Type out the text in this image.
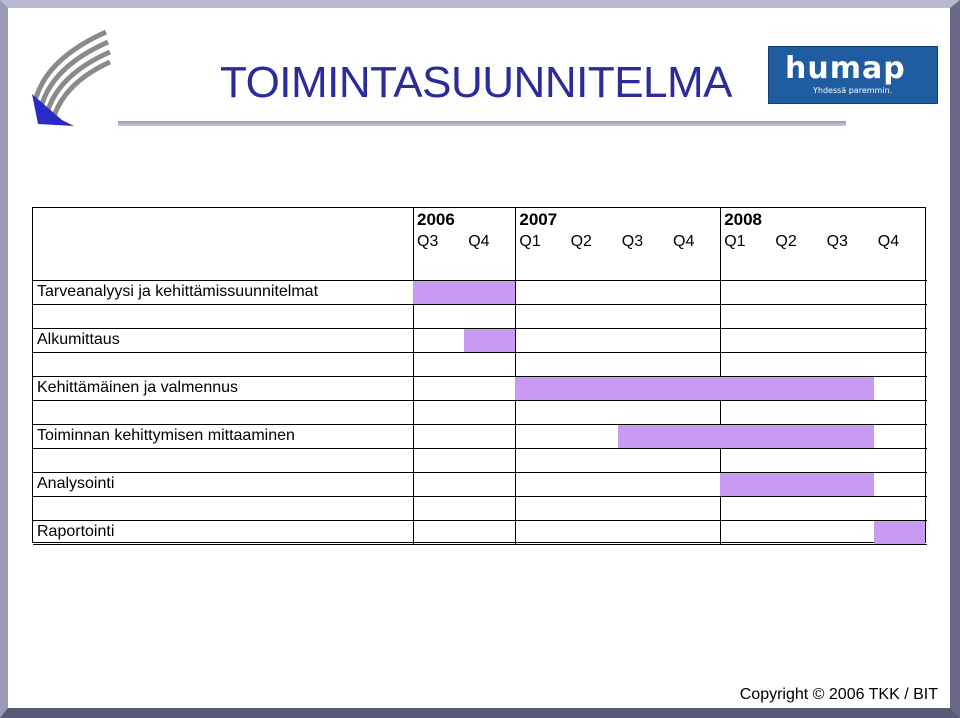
TOIMINTASUUNNITELMA humap
Yhdessä paremmin.
2006
Q3 Q4
2007
Q1 Q2 Q3 Q4
2008
Q1 Q2 Q3 Q4
Tarveanalyysi ja kehittämissuunnitelmat
Alkumittaus
Kehittämäinen ja valmennus
Toiminnan kehittymisen mittaaminen
Analysointi
Raportointi
Copyright © 2006 TKK / BIT
